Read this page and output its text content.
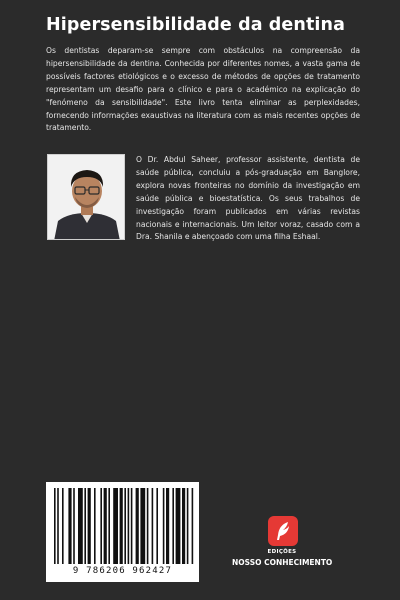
Hipersensibilidade da dentina
Os dentistas deparam-se sempre com obstáculos na compreensão da hipersensibilidade da dentina. Conhecida por diferentes nomes, a vasta gama de possíveis factores etiológicos e o excesso de métodos de opções de tratamento representam um desafio para o clínico e para o académico na explicação do "fenómeno da sensibilidade". Este livro tenta eliminar as perplexidades, fornecendo informações exaustivas na literatura com as mais recentes opções de tratamento.
O Dr. Abdul Saheer, professor assistente, dentista de saúde pública, concluiu a pós-graduação em Banglore, explora novas fronteiras no domínio da investigação em saúde pública e bioestatística. Os seus trabalhos de investigação foram publicados em várias revistas nacionais e internacionais. Um leitor voraz, casado com a Dra. Shanila e abençoado com uma filha Eshaal.
9 786206 962427
EDIÇÕES
NOSSO CONHECIMENTO
